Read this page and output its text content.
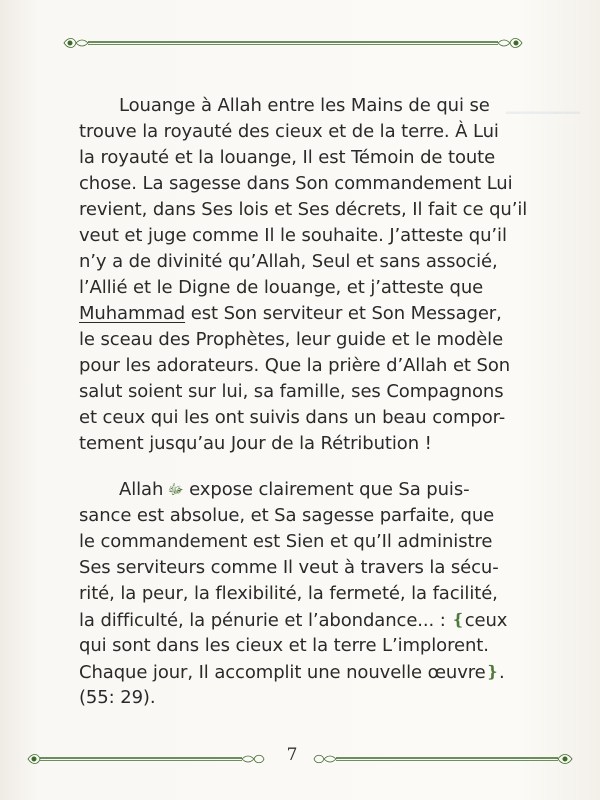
▁▁▁▁▁▁
Louange à Allah entre les Mains de qui se
trouve la royauté des cieux et de la terre. À Lui
la royauté et la louange, Il est Témoin de toute
chose. La sagesse dans Son commandement Lui
revient, dans Ses lois et Ses décrets, Il fait ce qu’il
veut et juge comme Il le souhaite. J’atteste qu’il
n’y a de divinité qu’Allah, Seul et sans associé,
l’Allié et le Digne de louange, et j’atteste que
Muhammad est Son serviteur et Son Messager,
le sceau des Prophètes, leur guide et le modèle
pour les adorateurs. Que la prière d’Allah et Son
salut soient sur lui, sa famille, ses Compagnons
et ceux qui les ont suivis dans un beau compor-
tement jusqu’au Jour de la Rétribution !
Allah ﷻ expose clairement que Sa puis-
sance est absolue, et Sa sagesse parfaite, que
le commandement est Sien et qu’Il administre
Ses serviteurs comme Il veut à travers la sécu-
rité, la peur, la flexibilité, la fermeté, la facilité,
la difficulté, la pénurie et l’abondance... : ❴ceux
qui sont dans les cieux et la terre L’implorent.
Chaque jour, Il accomplit une nouvelle œuvre❵.
(55: 29).
7
